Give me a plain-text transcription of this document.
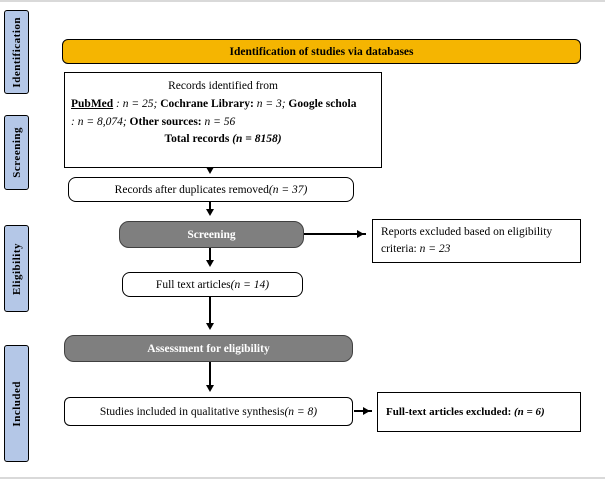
Identification
Screening
Eligibility
Included
Identification of studies via databases
Records identified from
PubMed : n = 25; Cochrane Library: n = 3; Google schola
: n = 8,074; Other sources: n = 56
Total records (n = 8158)
Records after duplicates removed (n = 37)
Screening	Reports excluded based on eligibility criteria: n = 23
Full text articles (n = 14)
Assessment for eligibility
Studies included in qualitative synthesis (n = 8)	Full-text articles excluded: (n = 6)
